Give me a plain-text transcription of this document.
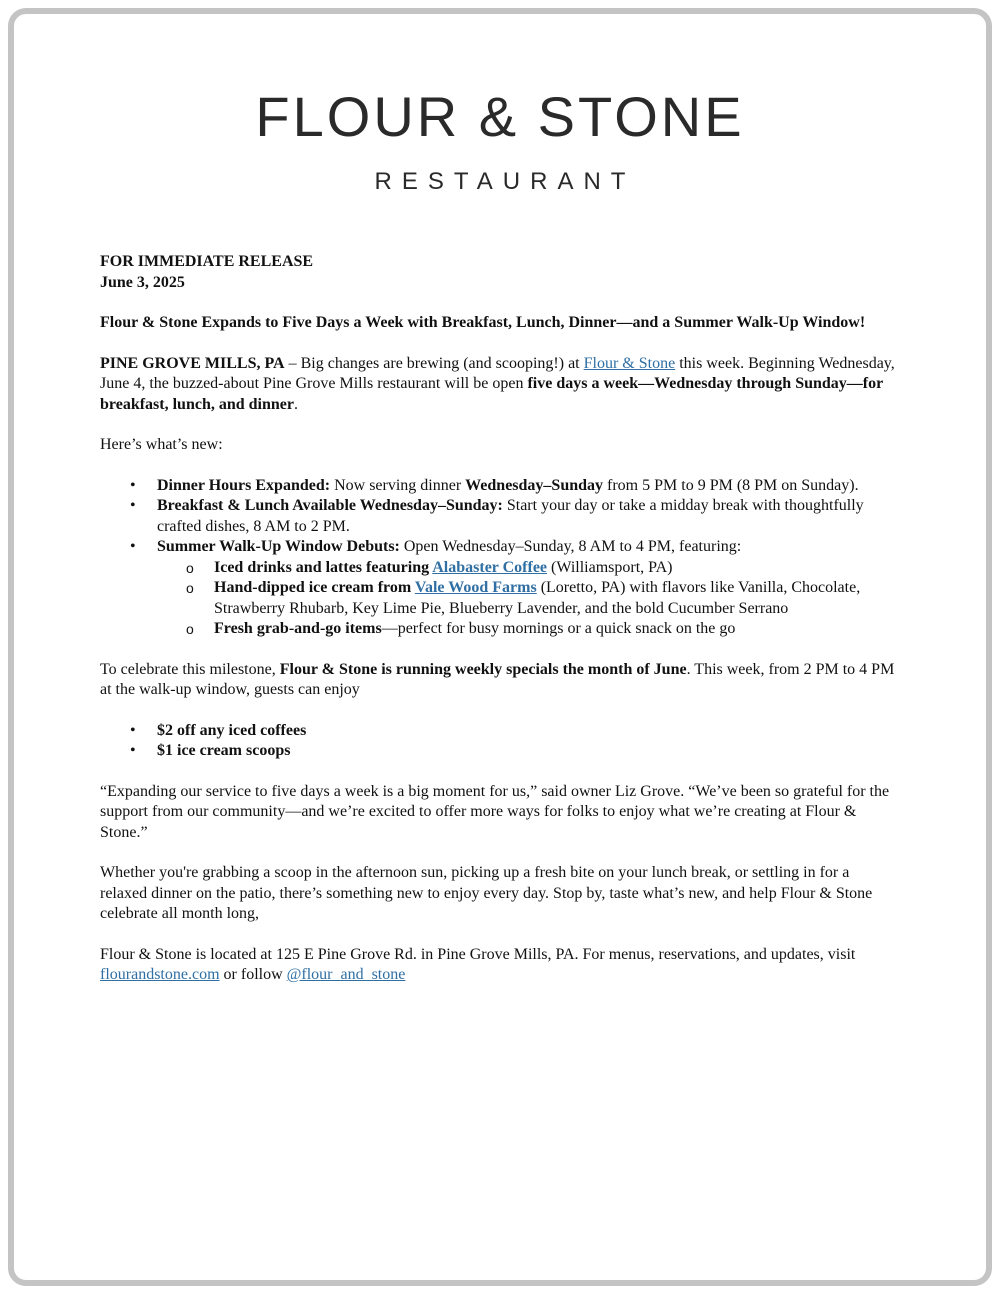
FLOUR & STONE
RESTAURANT

FOR IMMEDIATE RELEASE
June 3, 2025

Flour & Stone Expands to Five Days a Week with Breakfast, Lunch, Dinner—and a Summer Walk-Up Window!

PINE GROVE MILLS, PA – Big changes are brewing (and scooping!) at Flour & Stone this week. Beginning Wednesday, June 4, the buzzed-about Pine Grove Mills restaurant will be open five days a week—Wednesday through Sunday—for breakfast, lunch, and dinner.

Here’s what’s new:

• Dinner Hours Expanded: Now serving dinner Wednesday–Sunday from 5 PM to 9 PM (8 PM on Sunday).
• Breakfast & Lunch Available Wednesday–Sunday: Start your day or take a midday break with thoughtfully crafted dishes, 8 AM to 2 PM.
• Summer Walk-Up Window Debuts: Open Wednesday–Sunday, 8 AM to 4 PM, featuring:
o Iced drinks and lattes featuring Alabaster Coffee (Williamsport, PA)
o Hand-dipped ice cream from Vale Wood Farms (Loretto, PA) with flavors like Vanilla, Chocolate, Strawberry Rhubarb, Key Lime Pie, Blueberry Lavender, and the bold Cucumber Serrano
o Fresh grab-and-go items—perfect for busy mornings or a quick snack on the go

To celebrate this milestone, Flour & Stone is running weekly specials the month of June. This week, from 2 PM to 4 PM at the walk-up window, guests can enjoy

• $2 off any iced coffees
• $1 ice cream scoops

“Expanding our service to five days a week is a big moment for us,” said owner Liz Grove. “We’ve been so grateful for the support from our community—and we’re excited to offer more ways for folks to enjoy what we’re creating at Flour & Stone.”

Whether you're grabbing a scoop in the afternoon sun, picking up a fresh bite on your lunch break, or settling in for a relaxed dinner on the patio, there’s something new to enjoy every day. Stop by, taste what’s new, and help Flour & Stone celebrate all month long,

Flour & Stone is located at 125 E Pine Grove Rd. in Pine Grove Mills, PA. For menus, reservations, and updates, visit flourandstone.com or follow @flour_and_stone
